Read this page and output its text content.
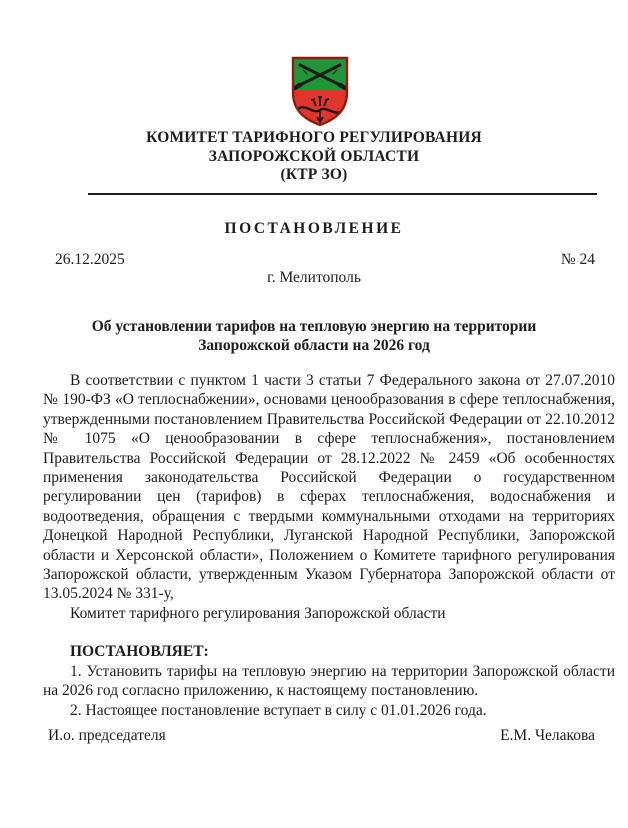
КОМИТЕТ ТАРИФНОГО РЕГУЛИРОВАНИЯ
ЗАПОРОЖСКОЙ ОБЛАСТИ
(КТР ЗО)
ПОСТАНОВЛЕНИЕ
26.12.2025	№ 24
г. Мелитополь
Об установлении тарифов на тепловую энергию на территории
Запорожской области на 2026 год
В соответствии с пунктом 1 части 3 статьи 7 Федерального закона от 27.07.2010 № 190-ФЗ «О теплоснабжении», основами ценообразования в сфере теплоснабжения, утвержденными постановлением Правительства Российской Федерации от 22.10.2012 № 1075 «О ценообразовании в сфере теплоснабжения», постановлением Правительства Российской Федерации от 28.12.2022 № 2459 «Об особенностях применения законодательства Российской Федерации о государственном регулировании цен (тарифов) в сферах теплоснабжения, водоснабжения и водоотведения, обращения с твердыми коммунальными отходами на территориях Донецкой Народной Республики, Луганской Народной Республики, Запорожской области и Херсонской области», Положением о Комитете тарифного регулирования Запорожской области, утвержденным Указом Губернатора Запорожской области от 13.05.2024 № 331-у,
Комитет тарифного регулирования Запорожской области
ПОСТАНОВЛЯЕТ:
1. Установить тарифы на тепловую энергию на территории Запорожской области на 2026 год согласно приложению, к настоящему постановлению.
2. Настоящее постановление вступает в силу с 01.01.2026 года.
И.о. председателя	Е.М. Челакова
